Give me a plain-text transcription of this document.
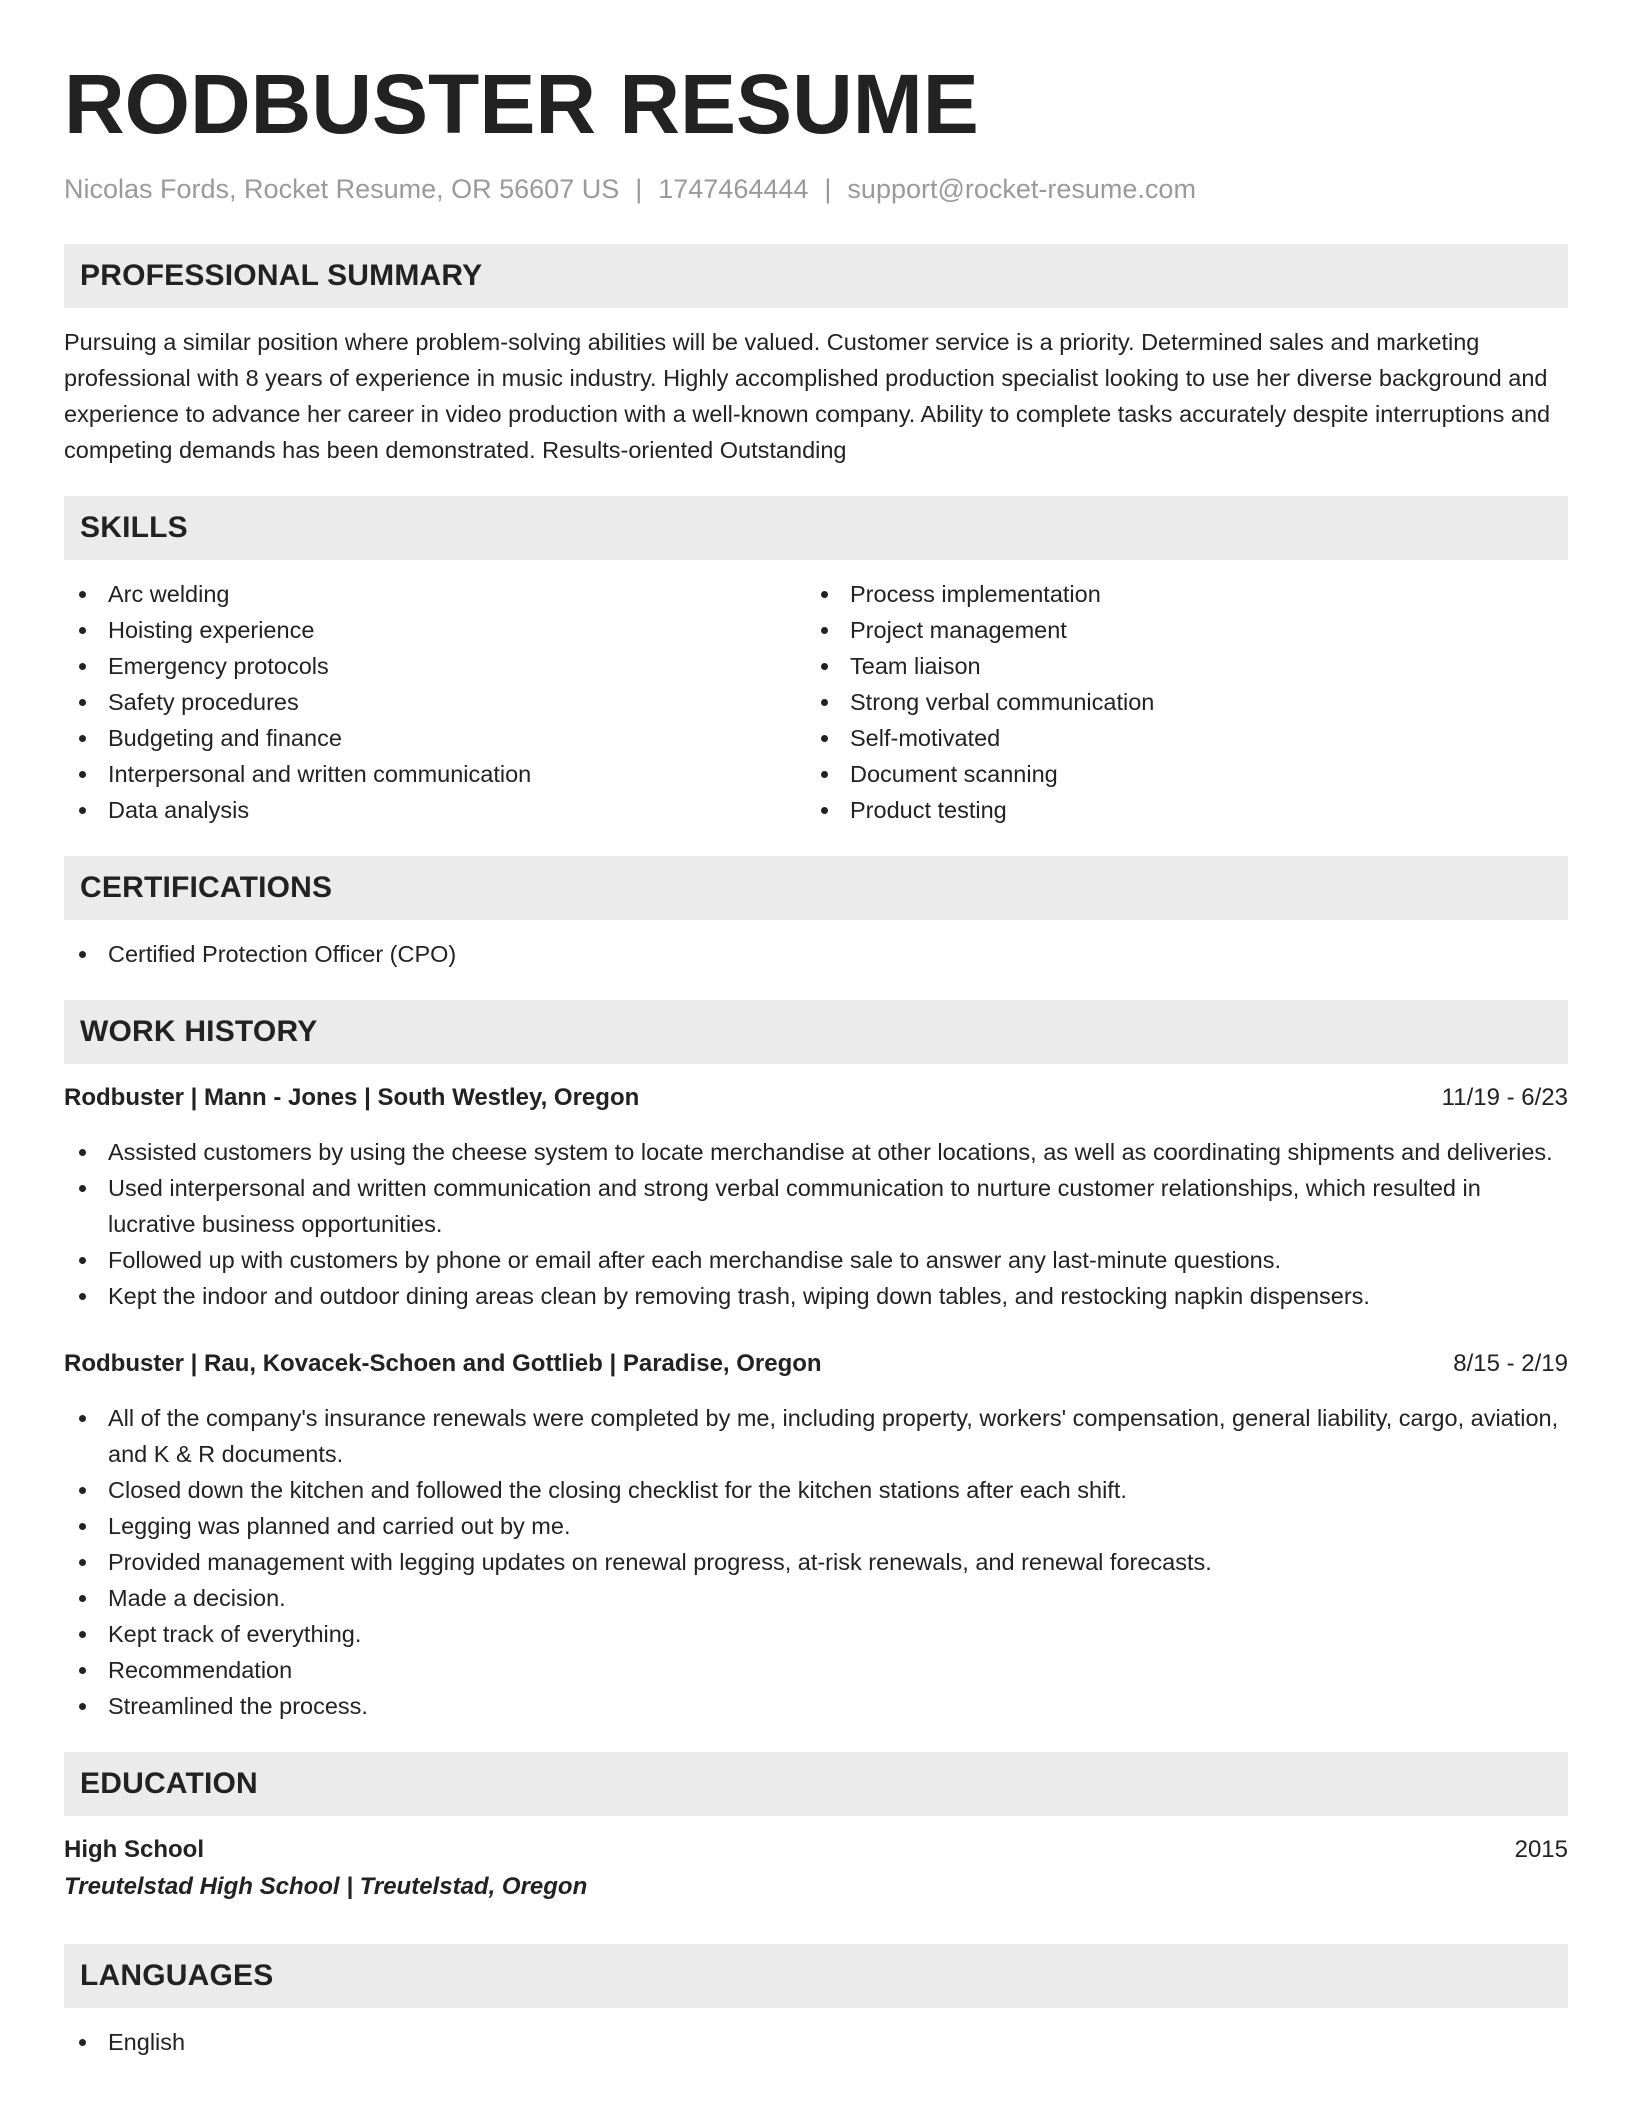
RODBUSTER RESUME
Nicolas Fords, Rocket Resume, OR 56607 US | 1747464444 | support@rocket-resume.com
PROFESSIONAL SUMMARY
Pursuing a similar position where problem-solving abilities will be valued. Customer service is a priority. Determined sales and marketing professional with 8 years of experience in music industry. Highly accomplished production specialist looking to use her diverse background and experience to advance her career in video production with a well-known company. Ability to complete tasks accurately despite interruptions and competing demands has been demonstrated. Results-oriented Outstanding
SKILLS
Arc welding
Hoisting experience
Emergency protocols
Safety procedures
Budgeting and finance
Interpersonal and written communication
Data analysis
Process implementation
Project management
Team liaison
Strong verbal communication
Self-motivated
Document scanning
Product testing
CERTIFICATIONS
Certified Protection Officer (CPO)
WORK HISTORY
Rodbuster | Mann - Jones | South Westley, Oregon	11/19 - 6/23
Assisted customers by using the cheese system to locate merchandise at other locations, as well as coordinating shipments and deliveries.
Used interpersonal and written communication and strong verbal communication to nurture customer relationships, which resulted in lucrative business opportunities.
Followed up with customers by phone or email after each merchandise sale to answer any last-minute questions.
Kept the indoor and outdoor dining areas clean by removing trash, wiping down tables, and restocking napkin dispensers.
Rodbuster | Rau, Kovacek-Schoen and Gottlieb | Paradise, Oregon	8/15 - 2/19
All of the company's insurance renewals were completed by me, including property, workers' compensation, general liability, cargo, aviation, and K & R documents.
Closed down the kitchen and followed the closing checklist for the kitchen stations after each shift.
Legging was planned and carried out by me.
Provided management with legging updates on renewal progress, at-risk renewals, and renewal forecasts.
Made a decision.
Kept track of everything.
Recommendation
Streamlined the process.
EDUCATION
High School	2015
Treutelstad High School | Treutelstad, Oregon
LANGUAGES
English
